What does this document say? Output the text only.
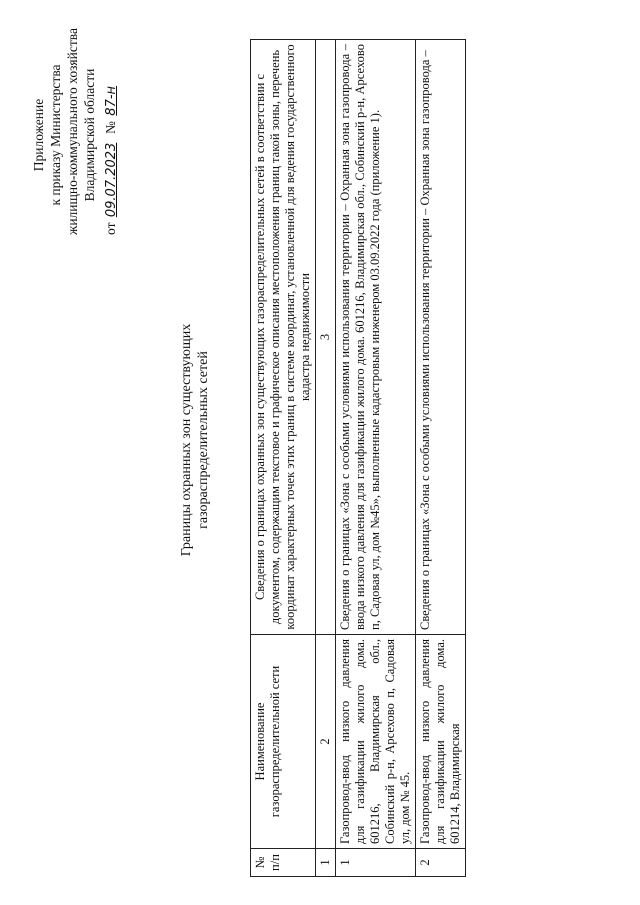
Приложение к приказу Министерства жилищно-коммунального хозяйства Владимирской области
от 09.07.2023  № 87-н
Границы охранных зон существующих газораспределительных сетей
№ п/п	Наименование газораспределительной сети	Сведения о границах охранных зон существующих газораспределительных сетей в соответствии с документом, содержащим текстовое и графическое описания местоположения границ такой зоны, перечень координат характерных точек этих границ в системе координат, установленной для ведения государственного кадастра недвижимости
1	2	3
1	Газопровод-ввод низкого давления для газификации жилого дома. 601216, Владимирская обл., Собинский р-н, Арсехово п, Садовая ул, дом № 45.	Сведения о границах «Зона с особыми условиями использования территории – Охранная зона газопровода – ввода низкого давления для газификации жилого дома. 601216, Владимирская обл., Собинский р-н, Арсехово п, Садовая ул, дом №45», выполненные кадастровым инженером 03.09.2022 года (приложение 1).
2	Газопровод-ввод низкого давления для газификации жилого дома. 601214, Владимирская	Сведения о границах «Зона с особыми условиями использования территории – Охранная зона газопровода –
